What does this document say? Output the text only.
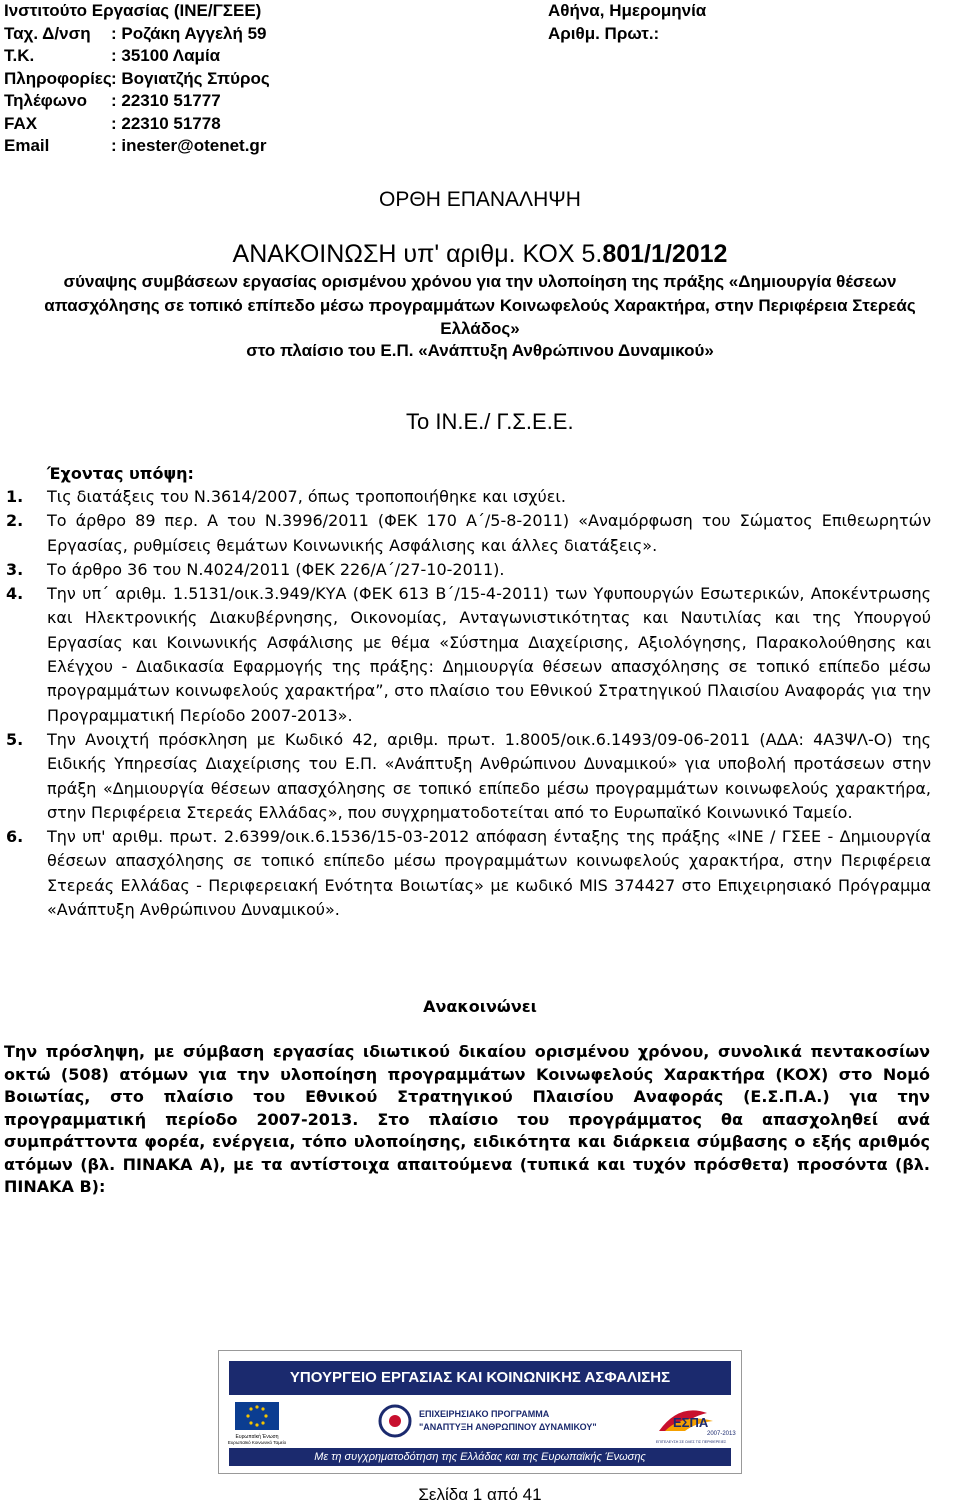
Ινστιτούτο Εργασίας (ΙΝΕ/ΓΣΕΕ)
Ταχ. Δ/νση	: Ροζάκη Αγγελή 59
Τ.Κ.	: 35100 Λαμία
Πληροφορίες : Βογιατζής Σπύρος
Τηλέφωνο	: 22310 51777
FAX	: 22310 51778
Email	: inester@otenet.gr
Αθήνα, Ημερομηνία
Αριθμ. Πρωτ.:
ΟΡΘΗ ΕΠΑΝΑΛΗΨΗ
ΑΝΑΚΟΙΝΩΣΗ υπ' αριθμ. ΚΟΧ 5.801/1/2012
σύναψης συμβάσεων εργασίας ορισμένου χρόνου για την υλοποίηση της πράξης «Δημιουργία θέσεων απασχόλησης σε τοπικό επίπεδο μέσω προγραμμάτων Κοινωφελούς Χαρακτήρα, στην Περιφέρεια Στερεάς Ελλάδος»
στο πλαίσιο του Ε.Π. «Ανάπτυξη Ανθρώπινου Δυναμικού»
Το ΙΝ.Ε./ Γ.Σ.Ε.Ε.
Έχοντας υπόψη:
1.	Τις διατάξεις του Ν.3614/2007, όπως τροποποιήθηκε και ισχύει.
2.	Το άρθρο 89 περ. Α του Ν.3996/2011 (ΦΕΚ 170 Α΄/5-8-2011) «Αναμόρφωση του Σώματος Επιθεωρητών Εργασίας, ρυθμίσεις θεμάτων Κοινωνικής Ασφάλισης και άλλες διατάξεις».
3.	Το άρθρο 36 του Ν.4024/2011 (ΦΕΚ 226/Α΄/27-10-2011).
4.	Την υπ΄ αριθμ. 1.5131/οικ.3.949/ΚΥΑ (ΦΕΚ 613 Β΄/15-4-2011) των Υφυπουργών Εσωτερικών, Αποκέντρωσης και Ηλεκτρονικής Διακυβέρνησης, Οικονομίας, Ανταγωνιστικότητας και Ναυτιλίας και της Υπουργού Εργασίας και Κοινωνικής Ασφάλισης με θέμα «Σύστημα Διαχείρισης, Αξιολόγησης, Παρακολούθησης και Ελέγχου - Διαδικασία Εφαρμογής της πράξης: Δημιουργία θέσεων απασχόλησης σε τοπικό επίπεδο μέσω προγραμμάτων κοινωφελούς χαρακτήρα”, στο πλαίσιο του Εθνικού Στρατηγικού Πλαισίου Αναφοράς για την Προγραμματική Περίοδο 2007-2013».
5.	Την Ανοιχτή πρόσκληση με Κωδικό 42, αριθμ. πρωτ. 1.8005/οικ.6.1493/09-06-2011 (ΑΔΑ: 4Α3ΨΛ-Ο) της Ειδικής Υπηρεσίας Διαχείρισης του Ε.Π. «Ανάπτυξη Ανθρώπινου Δυναμικού» για υποβολή προτάσεων στην πράξη «Δημιουργία θέσεων απασχόλησης σε τοπικό επίπεδο μέσω προγραμμάτων κοινωφελούς χαρακτήρα, στην Περιφέρεια Στερεάς Ελλάδας», που συγχρηματοδοτείται από το Ευρωπαϊκό Κοινωνικό Ταμείο.
6.	Την υπ' αριθμ. πρωτ. 2.6399/οικ.6.1536/15-03-2012 απόφαση ένταξης της πράξης «ΙΝΕ / ΓΣΕΕ - Δημιουργία θέσεων απασχόλησης σε τοπικό επίπεδο μέσω προγραμμάτων κοινωφελούς χαρακτήρα, στην Περιφέρεια Στερεάς Ελλάδας - Περιφερειακή Ενότητα Βοιωτίας» με κωδικό MIS 374427 στο Επιχειρησιακό Πρόγραμμα «Ανάπτυξη Ανθρώπινου Δυναμικού».
Ανακοινώνει
Την πρόσληψη, με σύμβαση εργασίας ιδιωτικού δικαίου ορισμένου χρόνου, συνολικά πεντακοσίων οκτώ (508) ατόμων για την υλοποίηση προγραμμάτων Κοινωφελούς Χαρακτήρα (ΚΟΧ) στο Νομό Βοιωτίας, στο πλαίσιο του Εθνικού Στρατηγικού Πλαισίου Αναφοράς (Ε.Σ.Π.Α.) για την προγραμματική περίοδο 2007-2013. Στο πλαίσιο του προγράμματος θα απασχοληθεί ανά συμπράττοντα φορέα, ενέργεια, τόπο υλοποίησης, ειδικότητα και διάρκεια σύμβασης ο εξής αριθμός ατόμων (βλ. ΠΙΝΑΚΑ Α), με τα αντίστοιχα απαιτούμενα (τυπικά και τυχόν πρόσθετα) προσόντα (βλ. ΠΙΝΑΚΑ Β):
ΥΠΟΥΡΓΕΙΟ ΕΡΓΑΣΙΑΣ ΚΑΙ ΚΟΙΝΩΝΙΚΗΣ ΑΣΦΑΛΙΣΗΣ
Ευρωπαϊκή Ένωση
Ευρωπαϊκό Κοινωνικό Ταμείο
ΕΠΙΧΕΙΡΗΣΙΑΚΟ ΠΡΟΓΡΑΜΜΑ
"ΑΝΑΠΤΥΞΗ ΑΝΘΡΩΠΙΝΟΥ ΔΥΝΑΜΙΚΟΥ"	ΕΣΠΑ
2007-2013
ΕΠΙΤΕΛΕΥΣΗ ΣΕ ΟΛΕΣ ΤΙΣ ΠΕΡΙΦΕΡΕΙΕΣ
Με τη συγχρηματοδότηση της Ελλάδας και της Ευρωπαϊκής Ένωσης
Σελίδα 1 από 41
